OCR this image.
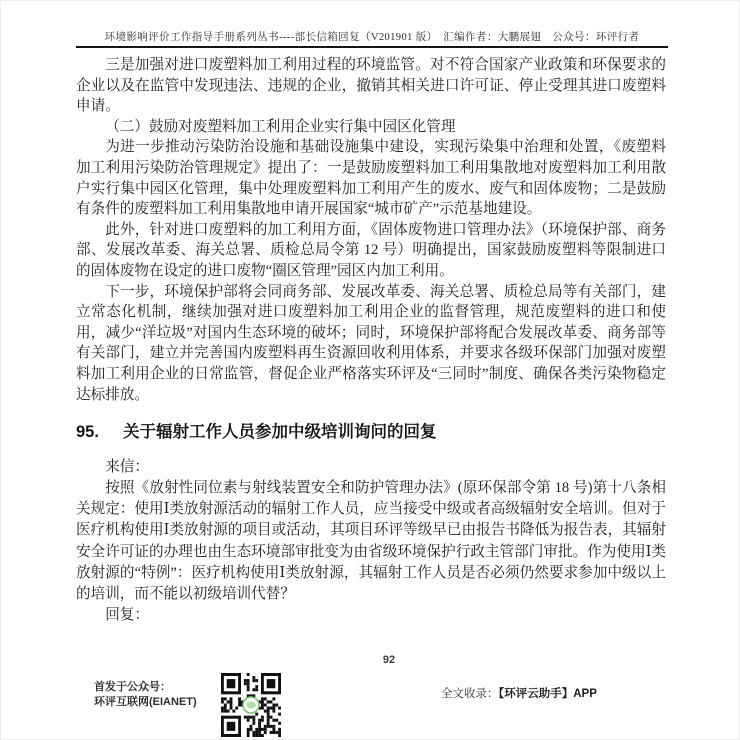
环境影响评价工作指导手册系列丛书----部长信箱回复（V201901 版）　汇编作者：大鹏展翅　公众号：环评行者

三是加强对进口废塑料加工利用过程的环境监管。对不符合国家产业政策和环保要求的企业以及在监管中发现违法、违规的企业，撤销其相关进口许可证、停止受理其进口废塑料申请。

（二）鼓励对废塑料加工利用企业实行集中园区化管理

为进一步推动污染防治设施和基础设施集中建设，实现污染集中治理和处置，《废塑料加工利用污染防治管理规定》提出了：一是鼓励废塑料加工利用集散地对废塑料加工利用散户实行集中园区化管理，集中处理废塑料加工利用产生的废水、废气和固体废物；二是鼓励有条件的废塑料加工利用集散地申请开展国家“城市矿产”示范基地建设。

此外，针对进口废塑料的加工利用方面，《固体废物进口管理办法》（环境保护部、商务部、发展改革委、海关总署、质检总局令第 12 号）明确提出，国家鼓励废塑料等限制进口的固体废物在设定的进口废物“圈区管理”园区内加工利用。

下一步，环境保护部将会同商务部、发展改革委、海关总署、质检总局等有关部门，建立常态化机制，继续加强对进口废塑料加工利用企业的监督管理，规范废塑料的进口和使用，减少“洋垃圾”对国内生态环境的破坏；同时，环境保护部将配合发展改革委、商务部等有关部门，建立并完善国内废塑料再生资源回收利用体系，并要求各级环保部门加强对废塑料加工利用企业的日常监管，督促企业严格落实环评及“三同时”制度、确保各类污染物稳定达标排放。

95. 关于辐射工作人员参加中级培训询问的回复

来信：

按照《放射性同位素与射线装置安全和防护管理办法》(原环保部令第 18 号)第十八条相关规定：使用Ⅰ类放射源活动的辐射工作人员，应当接受中级或者高级辐射安全培训。但对于医疗机构使用Ⅰ类放射源的项目或活动，其项目环评等级早已由报告书降低为报告表，其辐射安全许可证的办理也由生态环境部审批变为由省级环境保护行政主管部门审批。作为使用Ⅰ类放射源的“特例”：医疗机构使用Ⅰ类放射源，其辐射工作人员是否必须仍然要求参加中级以上的培训，而不能以初级培训代替？

回复：

92
首发于公众号：
环评互联网(EIANET)
全文收录：【环评云助手】APP
